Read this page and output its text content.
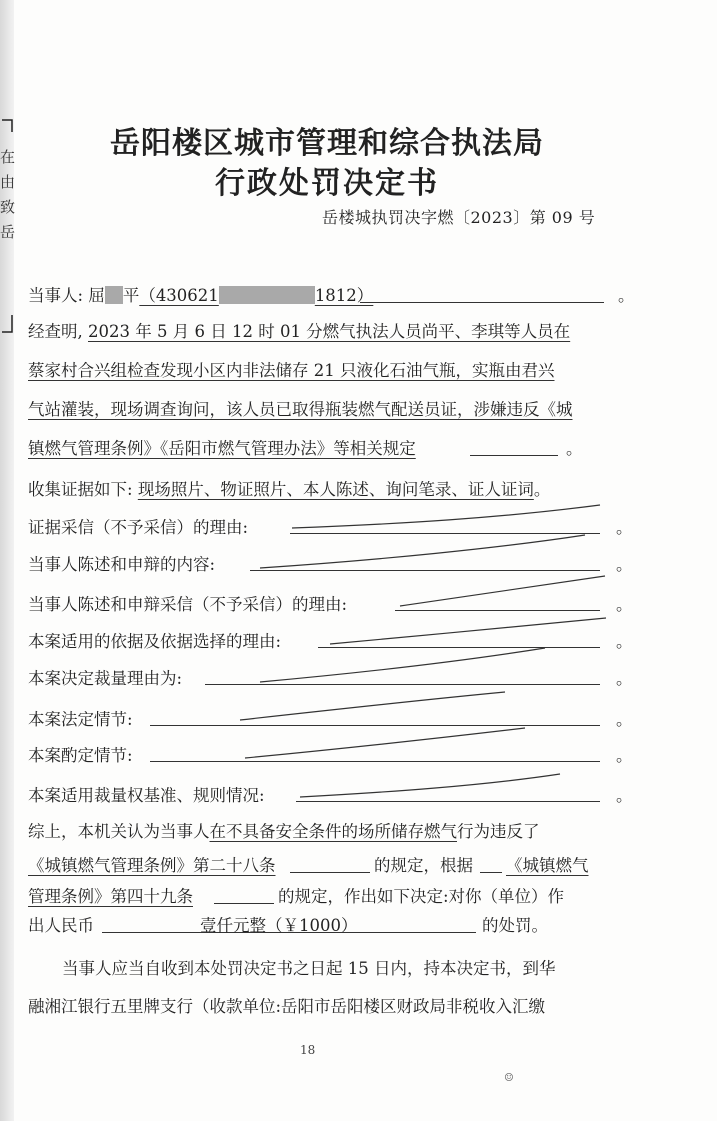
在
由
致
岳
岳阳楼区城市管理和综合执法局
行政处罚决定书
岳楼城执罚决字燃〔2023〕第 09 号
当事人: 屈 平（430621	1812）	。
经查明, 2023 年 5 月 6 日 12 时 01 分燃气执法人员尚平、李琪等人员在
蔡家村合兴组检查发现小区内非法储存 21 只液化石油气瓶，实瓶由君兴
气站灌装，现场调查询问，该人员已取得瓶装燃气配送员证，涉嫌违反《城
镇燃气管理条例》《岳阳市燃气管理办法》等相关规定	。
收集证据如下: 现场照片、物证照片、本人陈述、询问笔录、证人证词。
证据采信（不予采信）的理由:	。
当事人陈述和申辩的内容:	。
当事人陈述和申辩采信（不予采信）的理由:	。
本案适用的依据及依据选择的理由:	。
本案决定裁量理由为:	。
本案法定情节:	。
本案酌定情节:	。
本案适用裁量权基准、规则情况:	。
综上，本机关认为当事人在不具备安全条件的场所储存燃气行为违反了
《城镇燃气管理条例》第二十八条	的规定，根据 《城镇燃气
管理条例》第四十九条	的规定，作出如下决定:对你（单位）作
出人民币	壹仟元整（￥1000）	的处罚。
当事人应当自收到本处罚决定书之日起 15 日内，持本决定书，到华
融湘江银行五里牌支行（收款单位:岳阳市岳阳楼区财政局非税收入汇缴
18
☺
